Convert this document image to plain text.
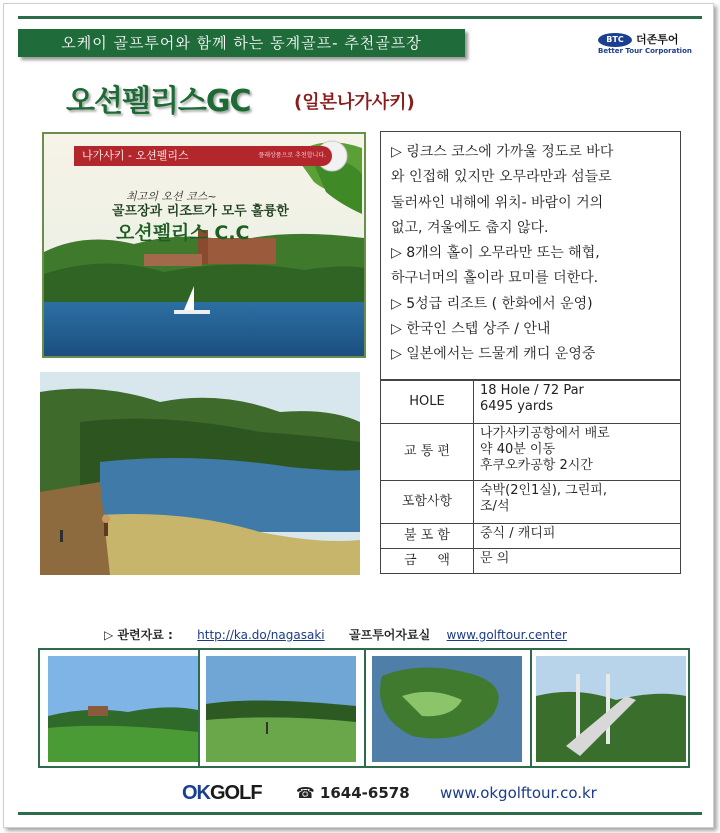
오케이 골프투어와 함께 하는 동계골프- 추천골프장	BTC	더존투어
Better Tour Corporation
오션펠리스GC (일본나가사키)
나가사키 - 오션펠리스	플래상품으로 추천합니다.
최고의 오션 코스~
골프장과 리조트가 모두 훌륭한
오션펠리스 C.C
▷ 링크스 코스에 가까울 정도로 바다
와 인접해 있지만 오무라만과 섬들로
둘러싸인 내해에 위치- 바람이 거의
없고, 겨울에도 춥지 않다.
▷ 8개의 홀이 오무라만 또는 해협,
하구너머의 홀이라 묘미를 더한다.
▷ 5성급 리조트 ( 한화에서 운영)
▷ 한국인 스텝 상주 / 안내
▷ 일본에서는 드물게 캐디 운영중
HOLE	18 Hole / 72 Par
6495 yards

교 통 편	나가사키공항에서 배로
약 40분 이동
후쿠오카공항 2시간

포함사항	숙박(2인1실), 그린피,
조/석

불 포 함	중식 / 캐디피

금     액	문 의
▷ 관련자료 : http://ka.do/nagasaki 골프투어자료실 www.golftour.center
OKGOLF ☎ 1644-6578 www.okgolftour.co.kr
